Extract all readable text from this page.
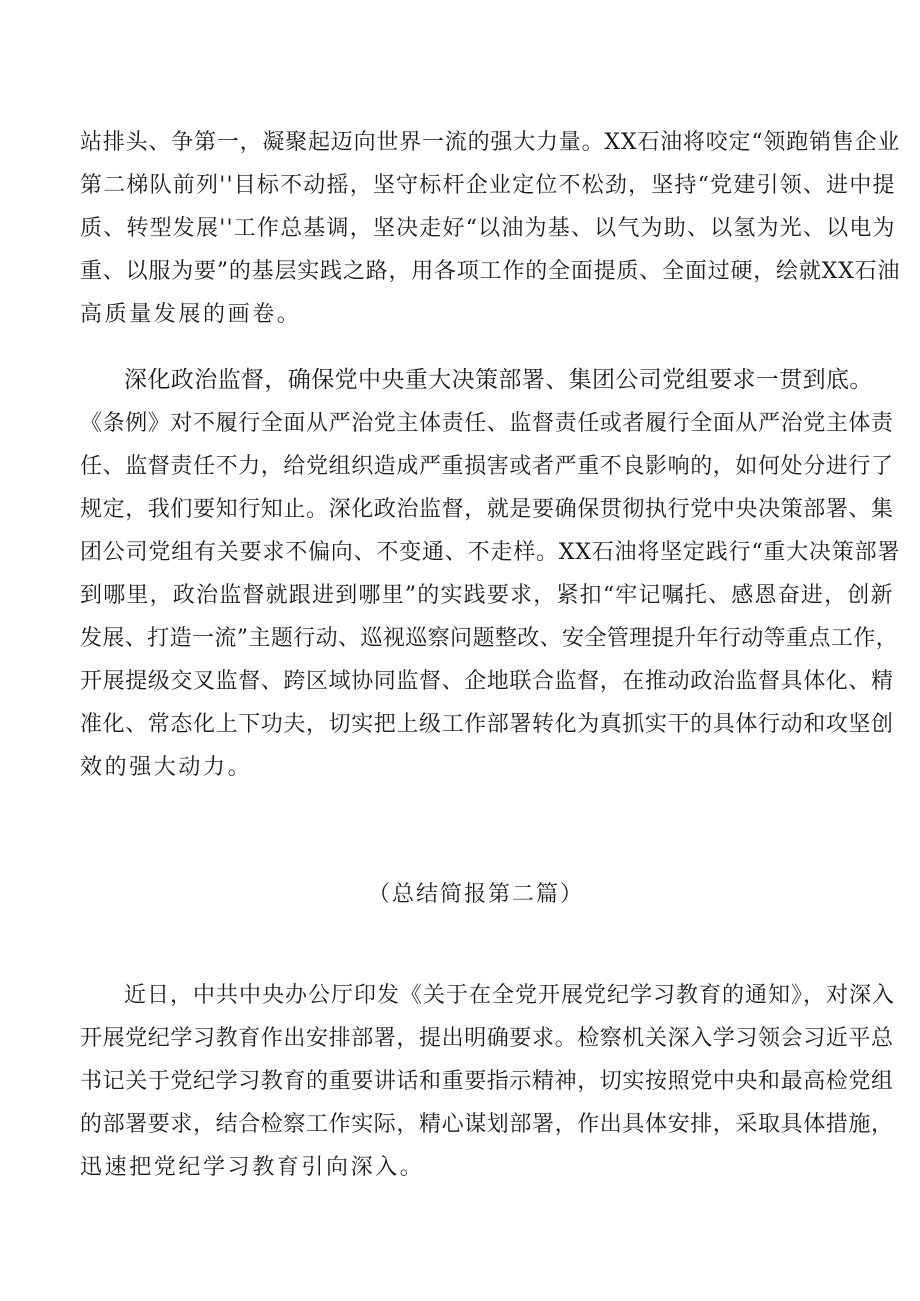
站排头、争第一，凝聚起迈向世界一流的强大力量。XX石油将咬定“领跑销售企业
第二梯队前列''目标不动摇，坚守标杆企业定位不松劲，坚持“党建引领、进中提
质、转型发展''工作总基调，坚决走好“以油为基、以气为助、以氢为光、以电为
重、以服为要”的基层实践之路，用各项工作的全面提质、全面过硬，绘就XX石油
高质量发展的画卷。
深化政治监督，确保党中央重大决策部署、集团公司党组要求一贯到底。
《条例》对不履行全面从严治党主体责任、监督责任或者履行全面从严治党主体责
任、监督责任不力，给党组织造成严重损害或者严重不良影响的，如何处分进行了
规定，我们要知行知止。深化政治监督，就是要确保贯彻执行党中央决策部署、集
团公司党组有关要求不偏向、不变通、不走样。XX石油将坚定践行“重大决策部署
到哪里，政治监督就跟进到哪里”的实践要求，紧扣“牢记嘱托、感恩奋进，创新
发展、打造一流”主题行动、巡视巡察问题整改、安全管理提升年行动等重点工作，
开展提级交叉监督、跨区域协同监督、企地联合监督，在推动政治监督具体化、精
准化、常态化上下功夫，切实把上级工作部署转化为真抓实干的具体行动和攻坚创
效的强大动力。
（总结简报第二篇）
近日，中共中央办公厅印发《关于在全党开展党纪学习教育的通知》，对深入
开展党纪学习教育作出安排部署，提出明确要求。检察机关深入学习领会习近平总
书记关于党纪学习教育的重要讲话和重要指示精神，切实按照党中央和最高检党组
的部署要求，结合检察工作实际，精心谋划部署，作出具体安排，采取具体措施，
迅速把党纪学习教育引向深入。
